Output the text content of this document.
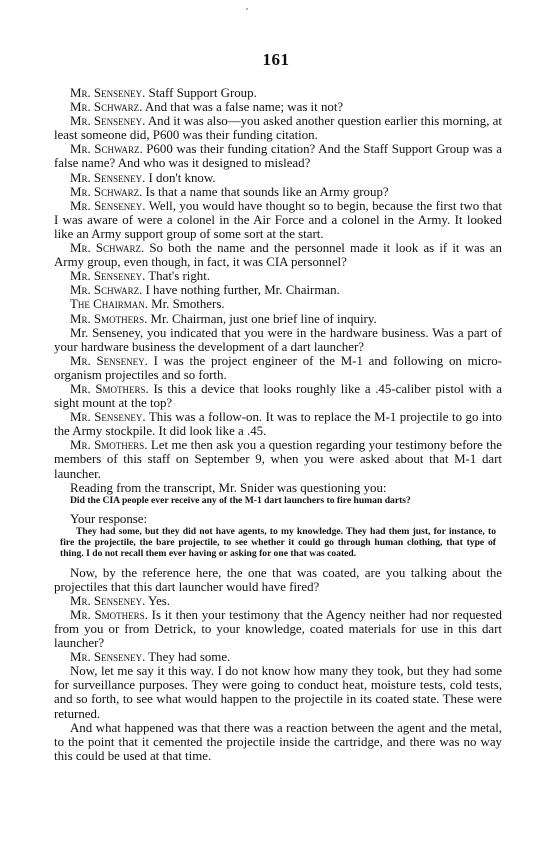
161

Mr. Senseney. Staff Support Group.

Mr. Schwarz. And that was a false name; was it not?

Mr. Senseney. And it was also—you asked another question earlier this morning, at least someone did, P600 was their funding citation.

Mr. Schwarz. P600 was their funding citation? And the Staff Support Group was a false name? And who was it designed to mislead?

Mr. Senseney. I don't know.

Mr. Schwarz. Is that a name that sounds like an Army group?

Mr. Senseney. Well, you would have thought so to begin, because the first two that I was aware of were a colonel in the Air Force and a colonel in the Army. It looked like an Army support group of some sort at the start.

Mr. Schwarz. So both the name and the personnel made it look as if it was an Army group, even though, in fact, it was CIA personnel?

Mr. Senseney. That's right.

Mr. Schwarz. I have nothing further, Mr. Chairman.

The Chairman. Mr. Smothers.

Mr. Smothers. Mr. Chairman, just one brief line of inquiry.

Mr. Senseney, you indicated that you were in the hardware business. Was a part of your hardware business the development of a dart launcher?

Mr. Senseney. I was the project engineer of the M-1 and following on micro-organism projectiles and so forth.

Mr. Smothers. Is this a device that looks roughly like a .45-caliber pistol with a sight mount at the top?

Mr. Senseney. This was a follow-on. It was to replace the M-1 projectile to go into the Army stockpile. It did look like a .45.

Mr. Smothers. Let me then ask you a question regarding your testimony before the members of this staff on September 9, when you were asked about that M-1 dart launcher.

Reading from the transcript, Mr. Snider was questioning you:

Did the CIA people ever receive any of the M-1 dart launchers to fire human darts?

Your response:

They had some, but they did not have agents, to my knowledge. They had them just, for instance, to fire the projectile, the bare projectile, to see whether it could go through human clothing, that type of thing. I do not recall them ever having or asking for one that was coated.

Now, by the reference here, the one that was coated, are you talking about the projectiles that this dart launcher would have fired?

Mr. Senseney. Yes.

Mr. Smothers. Is it then your testimony that the Agency neither had nor requested from you or from Detrick, to your knowledge, coated materials for use in this dart launcher?

Mr. Senseney. They had some.

Now, let me say it this way. I do not know how many they took, but they had some for surveillance purposes. They were going to conduct heat, moisture tests, cold tests, and so forth, to see what would happen to the projectile in its coated state. These were returned.

And what happened was that there was a reaction between the agent and the metal, to the point that it cemented the projectile inside the cartridge, and there was no way this could be used at that time.
